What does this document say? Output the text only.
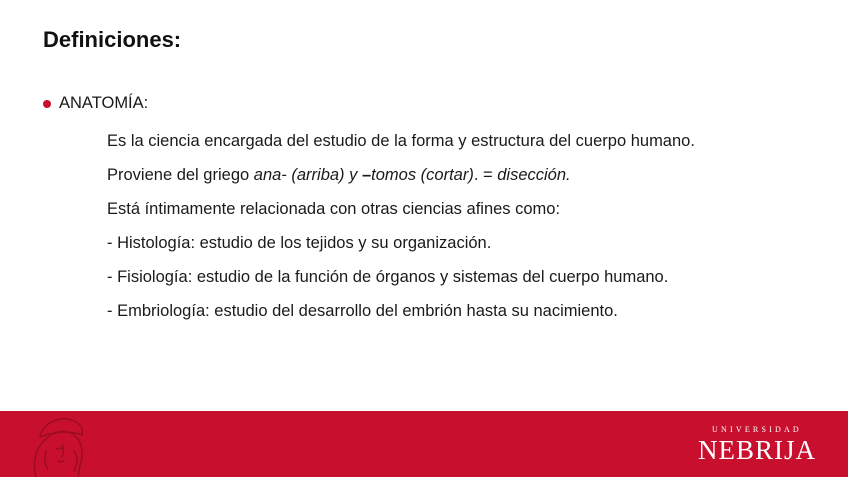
Definiciones:
ANATOMÍA:
Es la ciencia encargada del estudio de la forma y estructura del cuerpo humano.
Proviene del griego ana- (arriba) y –tomos (cortar). = disección.
Está íntimamente relacionada con otras ciencias afines como:
- Histología: estudio de los tejidos y su organización.
- Fisiología: estudio de la función de órganos y sistemas del cuerpo humano.
- Embriología: estudio del desarrollo del embrión hasta su nacimiento.
UNIVERSIDAD
NEBRIJA
